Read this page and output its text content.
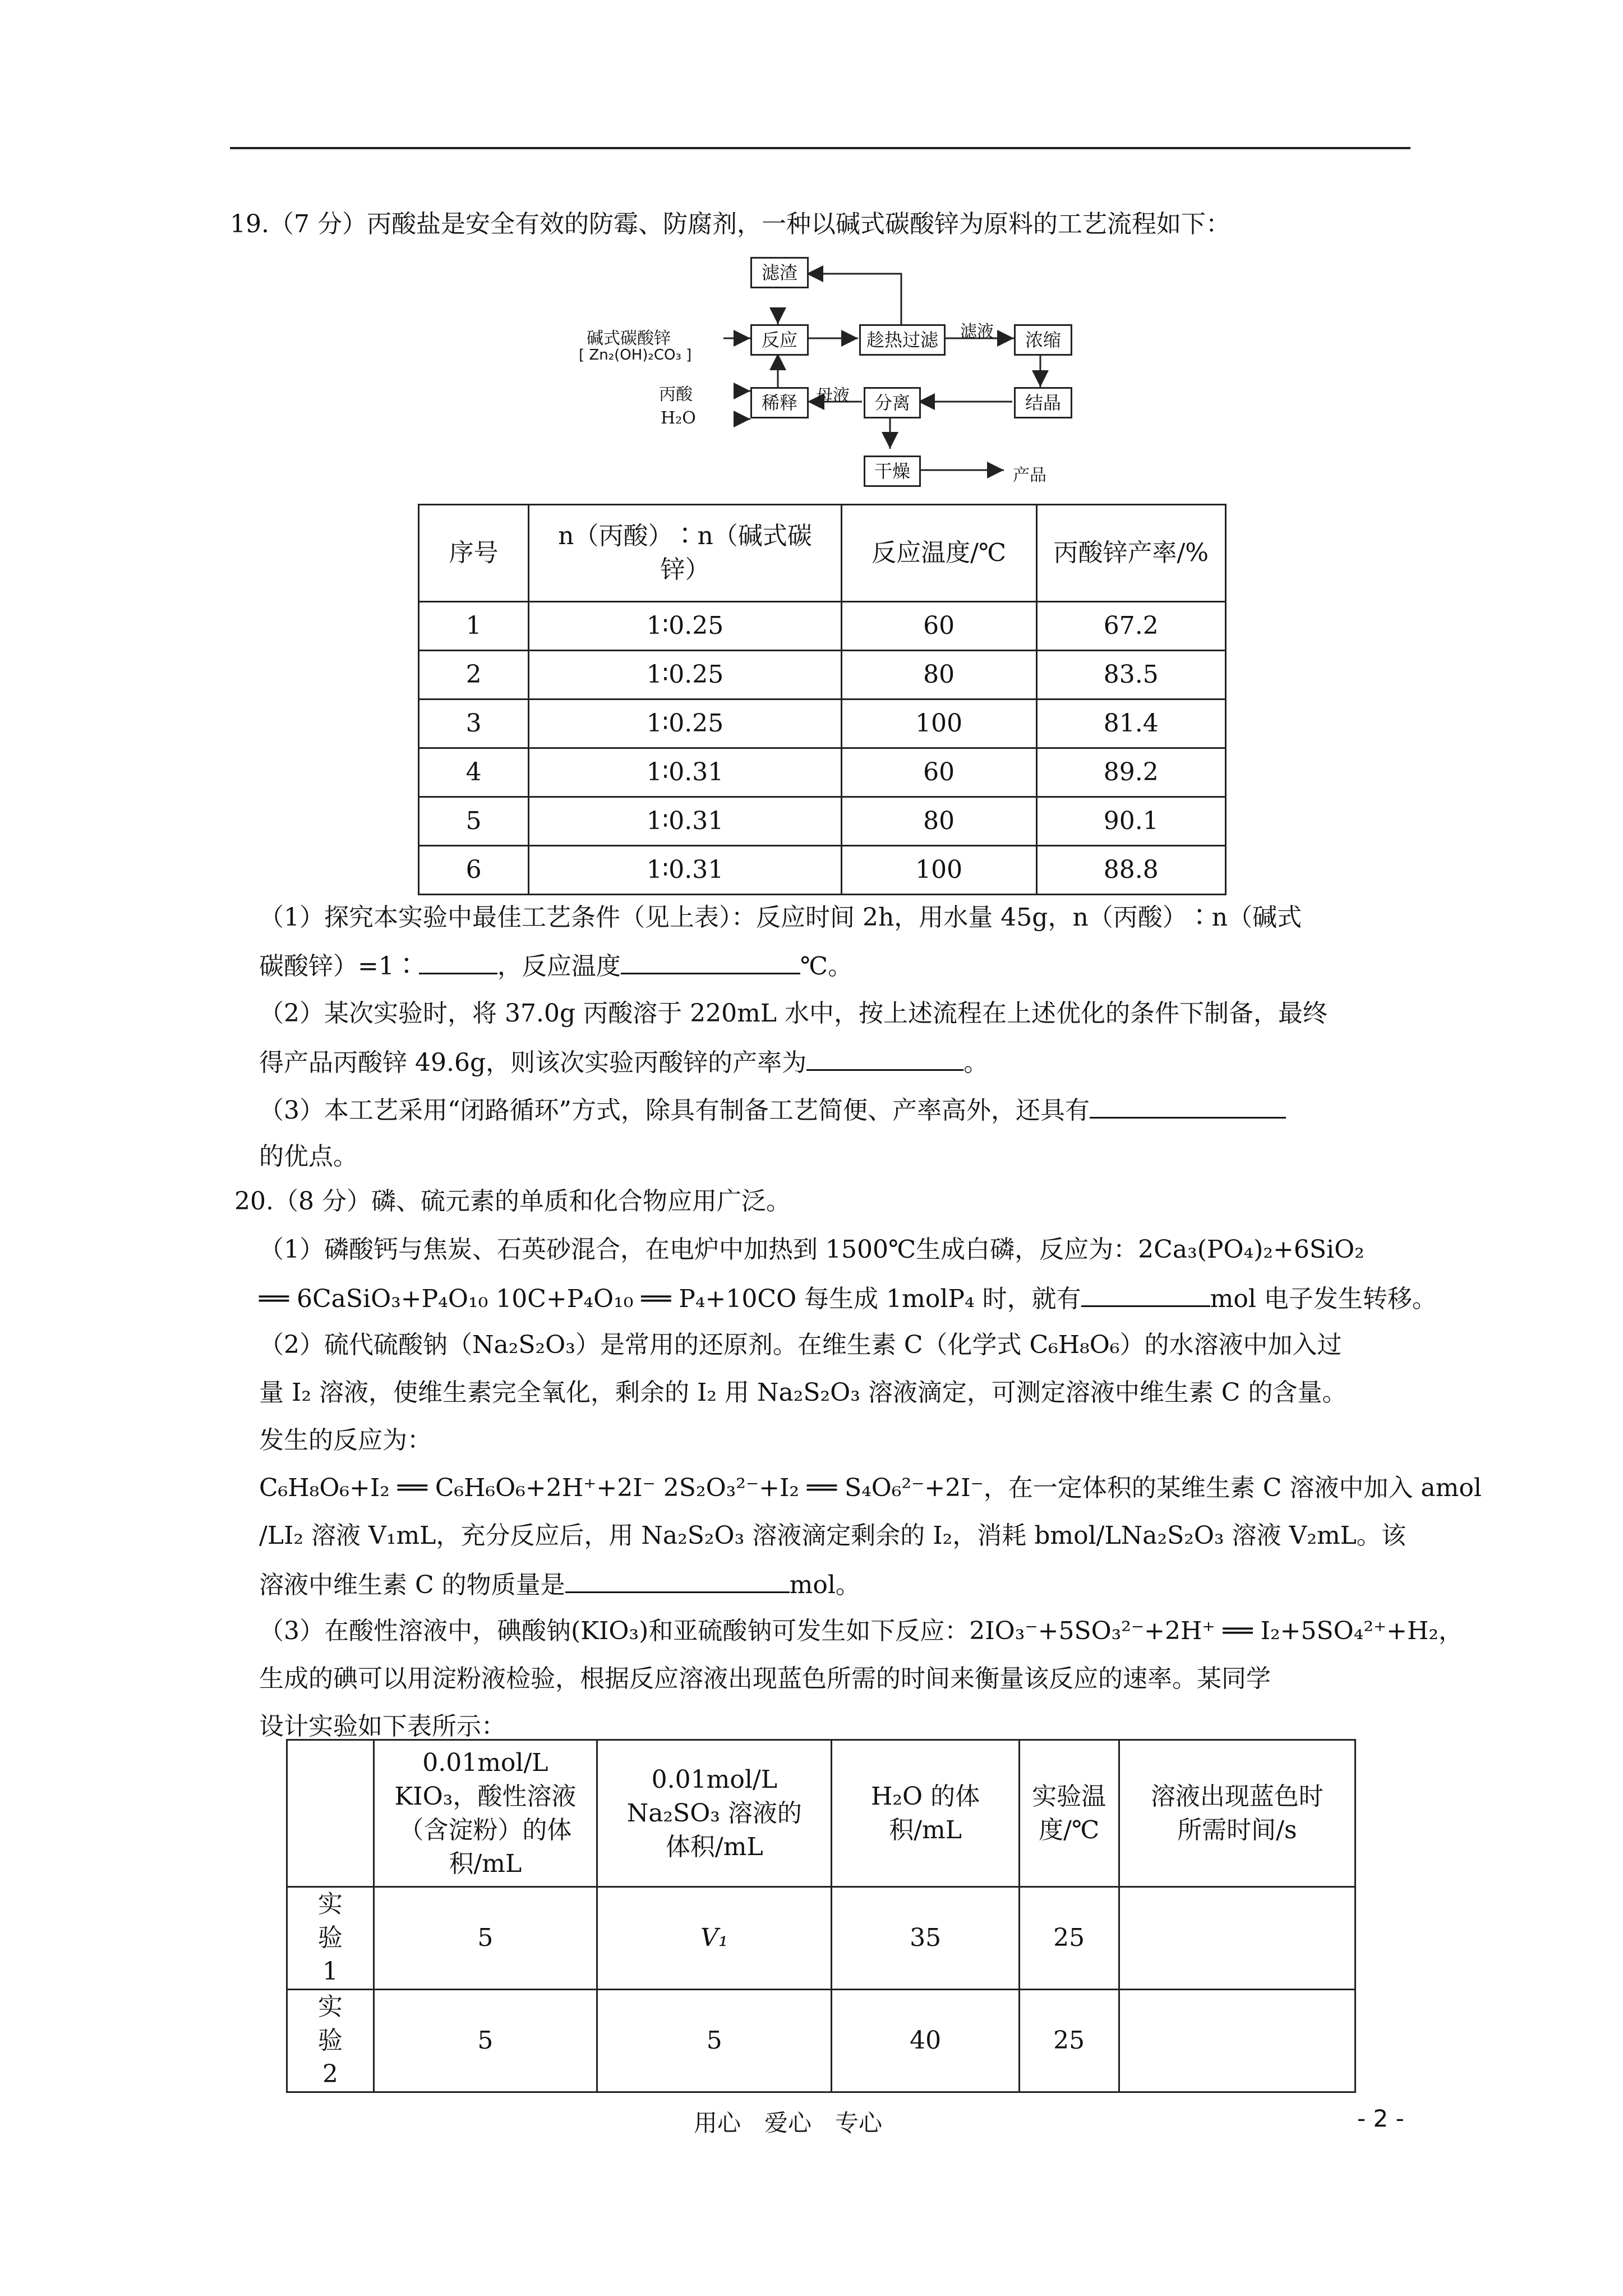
19.（7 分）丙酸盐是安全有效的防霉、防腐剂，一种以碱式碳酸锌为原料的工艺流程如下：
滤渣
反应	趁热过滤	浓缩
稀释	分离	结晶
干燥
滤液
母液
产品
碱式碳酸锌
[ Zn₂(OH)₂CO₃ ]
丙酸
H₂O
序号	n（丙酸）∶n（碱式碳锌）	反应温度/℃	丙酸锌产率/%
1	1∶0.25	60	67.2
2	1∶0.25	80	83.5
3	1∶0.25	100	81.4
4	1∶0.31	60	89.2
5	1∶0.31	80	90.1
6	1∶0.31	100	88.8
（1）探究本实验中最佳工艺条件（见上表）：反应时间 2h，用水量 45g，n（丙酸）∶n（碱式
碳酸锌）=1∶	，反应温度	℃。
（2）某次实验时，将 37.0g 丙酸溶于 220mL 水中，按上述流程在上述优化的条件下制备，最终
得产品丙酸锌 49.6g，则该次实验丙酸锌的产率为	。
（3）本工艺采用“闭路循环”方式，除具有制备工艺简便、产率高外，还具有
的优点。
20.（8 分）磷、硫元素的单质和化合物应用广泛。
（1）磷酸钙与焦炭、石英砂混合，在电炉中加热到 1500℃生成白磷，反应为：2Ca₃(PO₄)₂+6SiO₂
══ 6CaSiO₃+P₄O₁₀ 10C+P₄O₁₀ ══ P₄+10CO 每生成 1molP₄ 时，就有	mol 电子发生转移。
（2）硫代硫酸钠（Na₂S₂O₃）是常用的还原剂。在维生素 C（化学式 C₆H₈O₆）的水溶液中加入过
量 I₂ 溶液，使维生素完全氧化，剩余的 I₂ 用 Na₂S₂O₃ 溶液滴定，可测定溶液中维生素 C 的含量。
发生的反应为：
C₆H₈O₆+I₂ ══ C₆H₆O₆+2H⁺+2I⁻ 2S₂O₃²⁻+I₂ ══ S₄O₆²⁻+2I⁻，在一定体积的某维生素 C 溶液中加入 amol
/LI₂ 溶液 V₁mL，充分反应后，用 Na₂S₂O₃ 溶液滴定剩余的 I₂，消耗 bmol/LNa₂S₂O₃ 溶液 V₂mL。该
溶液中维生素 C 的物质量是	mol。
（3）在酸性溶液中，碘酸钠(KIO₃)和亚硫酸钠可发生如下反应：2IO₃⁻+5SO₃²⁻+2H⁺ ══ I₂+5SO₄²⁺+H₂，
生成的碘可以用淀粉液检验，根据反应溶液出现蓝色所需的时间来衡量该反应的速率。某同学
设计实验如下表所示：
	0.01mol/L KIO₃，酸性溶液（含淀粉）的体积/mL	0.01mol/L Na₂SO₃ 溶液的体积/mL	H₂O 的体积/mL	实验温度/℃	溶液出现蓝色时所需时间/s
实验1	5	V₁	35	25	
实验2	5	5	40	25	
用心　爱心　专心	- 2 -
